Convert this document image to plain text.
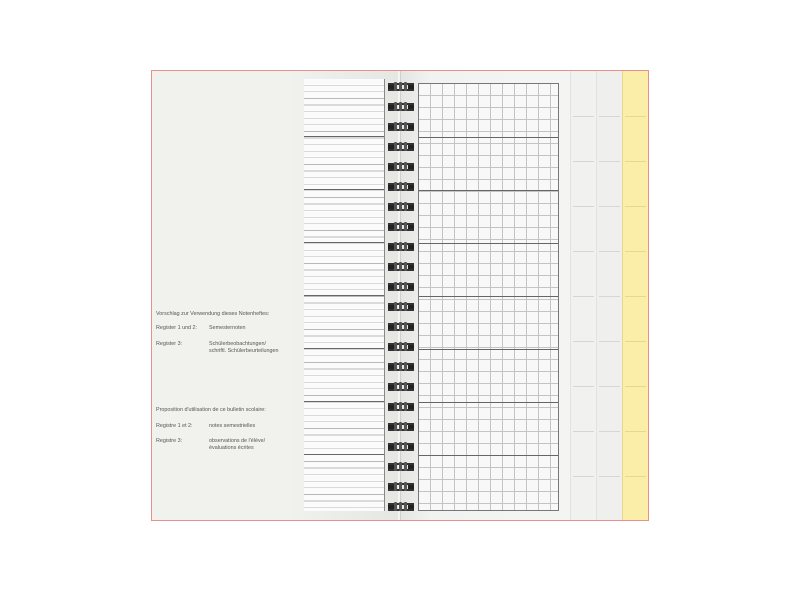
Vorschlag zur Verwendung dieses Notenheftes:
Register 1 und 2: Semesternoten
Register 3:	Schülerbeobachtungen/
schriftl. Schülerbeurteilungen
Proposition d'utilisation de ce bulletin scolaire:
Registre 1 et 2:	notes semestrielles
Registre 3:	observations de l'élève/
évaluations écrites
